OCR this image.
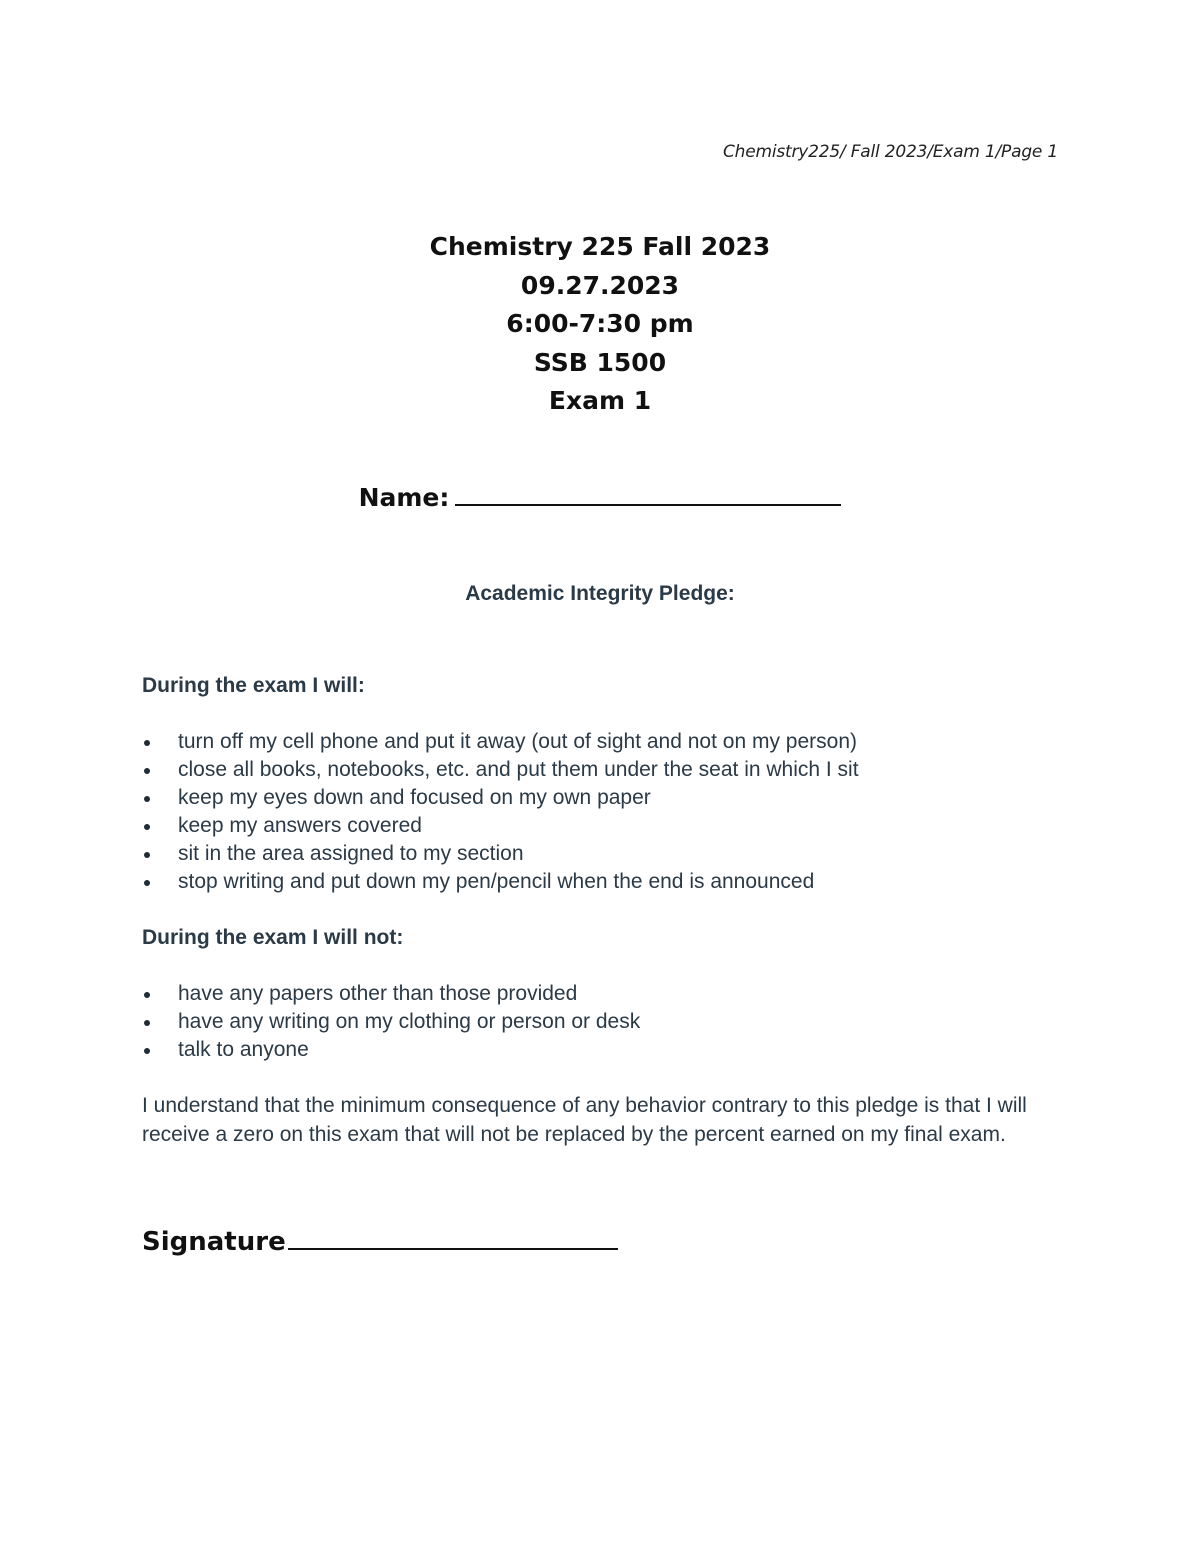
Chemistry225/ Fall 2023/Exam 1/Page 1
Chemistry 225 Fall 2023
09.27.2023
6:00-7:30 pm
SSB 1500
Exam 1
Name:
Academic Integrity Pledge:
During the exam I will:
turn off my cell phone and put it away (out of sight and not on my person)
close all books, notebooks, etc. and put them under the seat in which I sit
keep my eyes down and focused on my own paper
keep my answers covered
sit in the area assigned to my section
stop writing and put down my pen/pencil when the end is announced
During the exam I will not:
have any papers other than those provided
have any writing on my clothing or person or desk
talk to anyone
I understand that the minimum consequence of any behavior contrary to this pledge is that I will receive a zero on this exam that will not be replaced by the percent earned on my final exam.
Signature
